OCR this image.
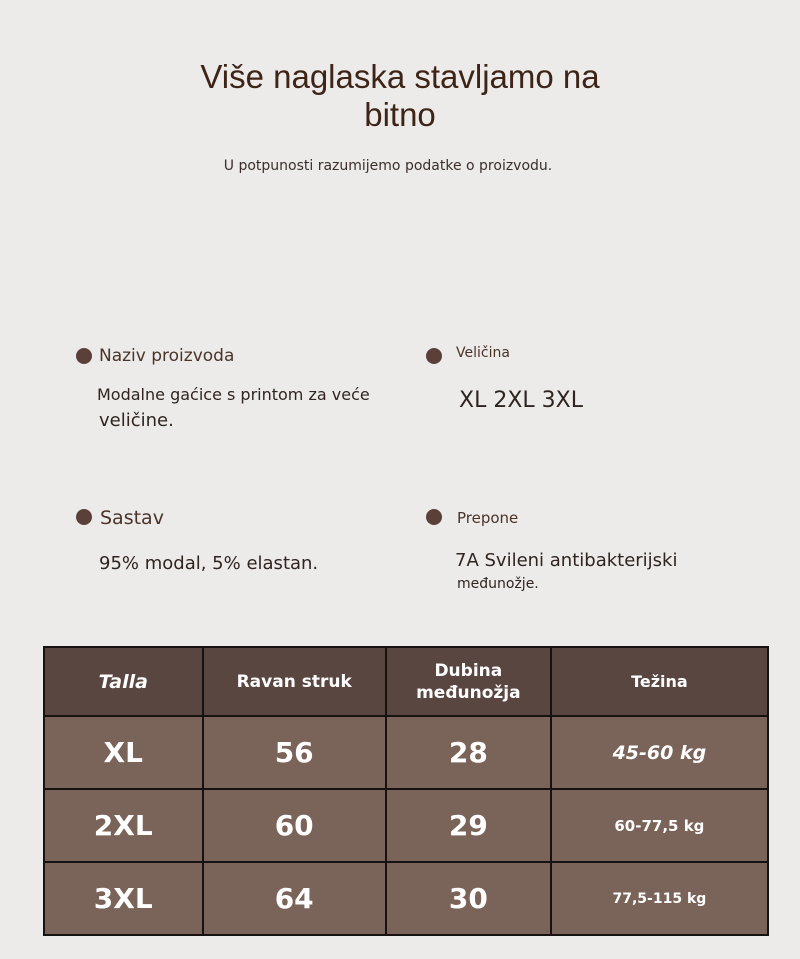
Više naglaska stavljamo na
bitno
U potpunosti razumijemo podatke o proizvodu.
Naziv proizvoda
Modalne gaćice s printom za veće
veličine.
Veličina
XL 2XL 3XL
Sastav
95% modal, 5% elastan.
Prepone
7A Svileni antibakterijski
međunožje.
Talla	Ravan struk	Dubina međunožja	Težina
XL	56	28	45-60 kg
2XL	60	29	60-77,5 kg
3XL	64	30	77,5-115 kg
